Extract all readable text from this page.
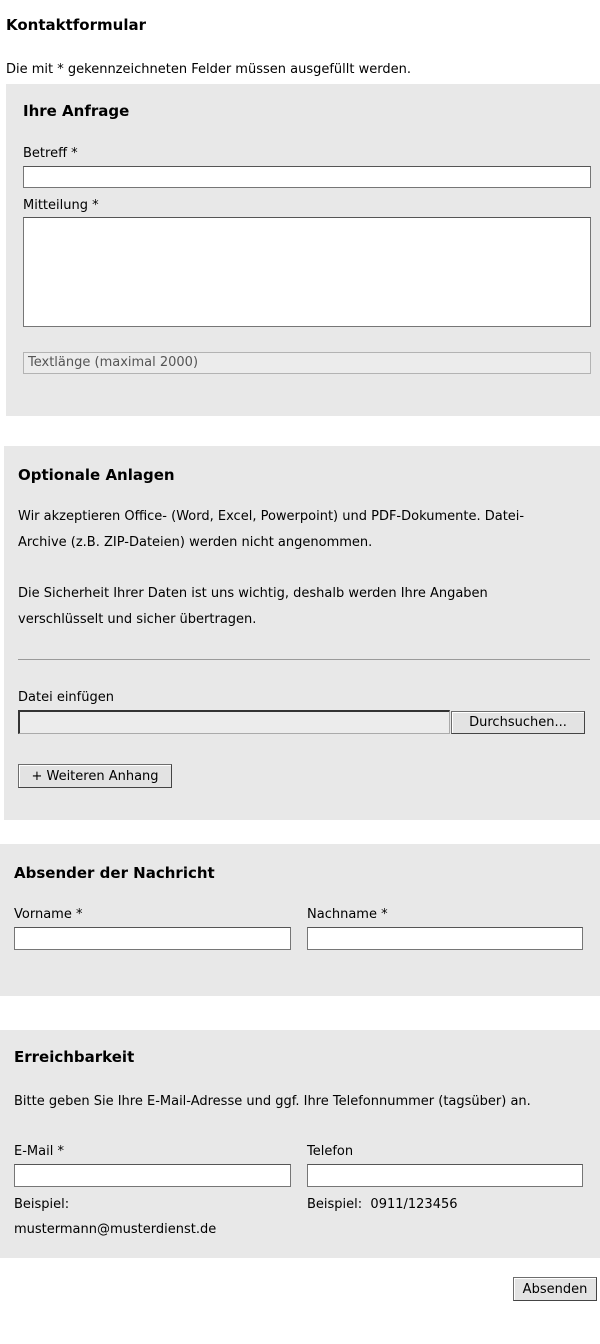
Kontaktformular
Die mit * gekennzeichneten Felder müssen ausgefüllt werden.
Ihre Anfrage
Betreff *
Mitteilung *
Textlänge (maximal 2000)
Optionale Anlagen
Wir akzeptieren Office- (Word, Excel, Powerpoint) und PDF-Dokumente. Datei-
Archive (z.B. ZIP-Dateien) werden nicht angenommen.
Die Sicherheit Ihrer Daten ist uns wichtig, deshalb werden Ihre Angaben
verschlüsselt und sicher übertragen.
Datei einfügen
Durchsuchen...
+ Weiteren Anhang
Absender der Nachricht
Vorname *	Nachname *
Erreichbarkeit
Bitte geben Sie Ihre E-Mail-Adresse und ggf. Ihre Telefonnummer (tagsüber) an.
E-Mail *
Beispiel:
mustermann@musterdienst.de
Telefon
Beispiel:  0911/123456
Absenden
